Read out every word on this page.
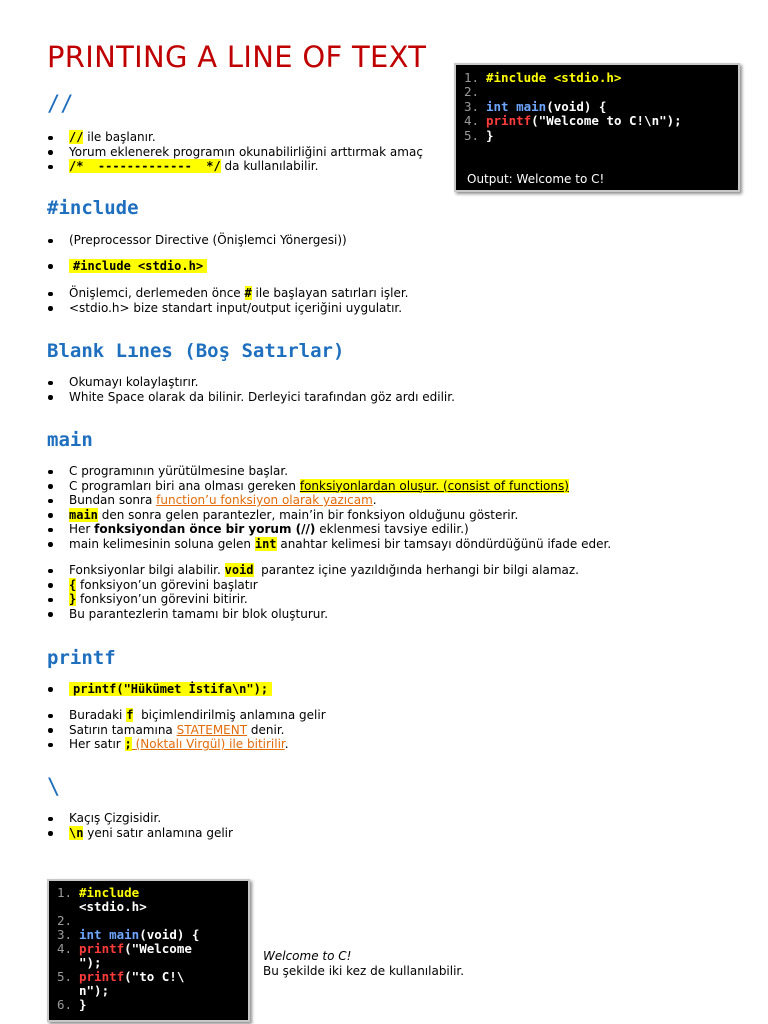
PRINTING A LINE OF TEXT
1. #include <stdio.h>
2.
3. int main(void) {
4. printf("Welcome to C!\n");
5. }
Output: Welcome to C!
//
// ile başlanır.
Yorum eklenerek programın okunabilirliğini arttırmak amaç
/*  -------------  */ da kullanılabilir.
#include
(Preprocessor Directive (Önişlemci Yönergesi))
#include <stdio.h>
Önişlemci, derlemeden önce # ile başlayan satırları işler.
<stdio.h> bize standart input/output içeriğini uygulatır.
Blank Lınes (Boş Satırlar)
Okumayı kolaylaştırır.
White Space olarak da bilinir. Derleyici tarafından göz ardı edilir.
main
C programının yürütülmesine başlar.
C programları biri ana olması gereken fonksiyonlardan oluşur. (consist of functions)
Bundan sonra function’u fonksiyon olarak yazıcam.
main den sonra gelen parantezler, main’in bir fonksiyon olduğunu gösterir.
Her fonksiyondan önce bir yorum (//) eklenmesi tavsiye edilir.)
main kelimesinin soluna gelen int anahtar kelimesi bir tamsayı döndürdüğünü ifade eder.
Fonksiyonlar bilgi alabilir. void  parantez içine yazıldığında herhangi bir bilgi alamaz.
{ fonksiyon’un görevini başlatır
} fonksiyon’un görevini bitirir.
Bu parantezlerin tamamı bir blok oluşturur.
printf
printf("Hükümet İstifa\n");
Buradaki f  biçimlendirilmiş anlamına gelir
Satırın tamamına STATEMENT denir.
Her satır ; (Noktalı Virgül) ile bitirilir.
\
Kaçış Çizgisidir.
\n yeni satır anlamına gelir
1. #include
<stdio.h>
2.
3. int main(void) {
4. printf("Welcome
");
5. printf("to C!\
n");
6. }
Welcome to C!
Bu şekilde iki kez de kullanılabilir.
